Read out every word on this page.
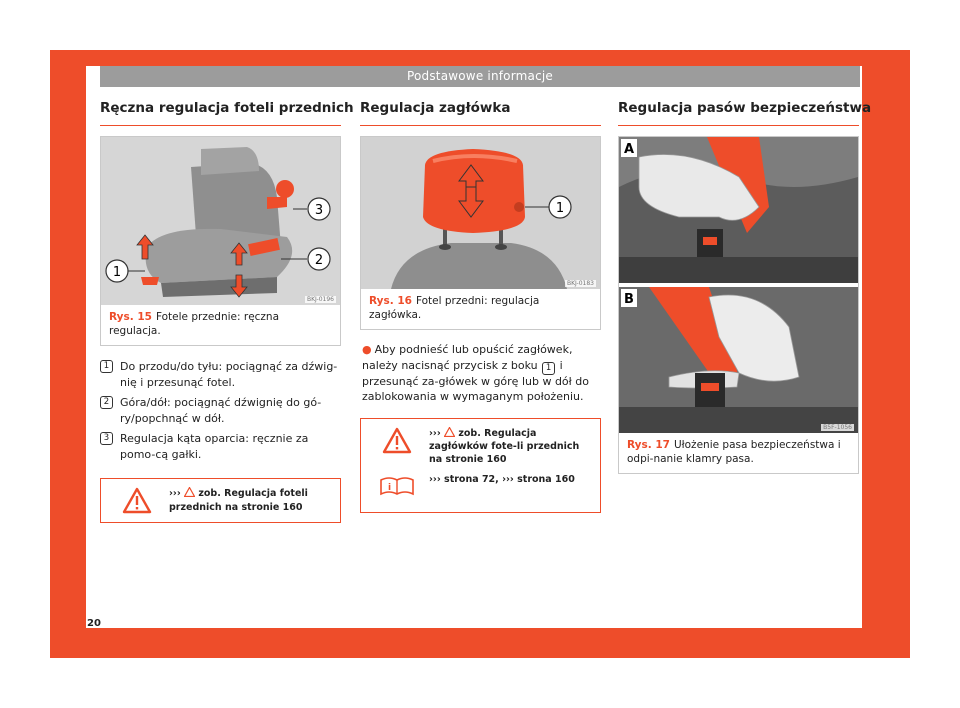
Podstawowe informacje
Ręczna regulacja foteli przednich
3
2
1
BKJ-0196
Rys. 15 Fotele przednie: ręczna regulacja.
1 Do przodu/do tyłu: pociągnąć za dźwig-nię i przesunąć fotel.
2 Góra/dół: pociągnąć dźwignię do gó-ry/popchnąć w dół.
3 Regulacja kąta oparcia: ręcznie za pomo-cą gałki.
››› zob. Regulacja foteli przednich na stronie 160
Regulacja zagłówka
1
BKJ-0183
Rys. 16 Fotel przedni: regulacja zagłówka.
● Aby podnieść lub opuścić zagłówek, należy nacisnąć przycisk z boku 1 i przesunąć za-główek w górę lub w dół do zablokowania w wymaganym położeniu.
››› zob. Regulacja zagłówków fote-li przednich na stronie 160
i
››› strona 72, ››› strona 160
Regulacja pasów bezpieczeństwa
A
B
B5F-1056
Rys. 17 Ułożenie pasa bezpieczeństwa i odpi-nanie klamry pasa.
20
